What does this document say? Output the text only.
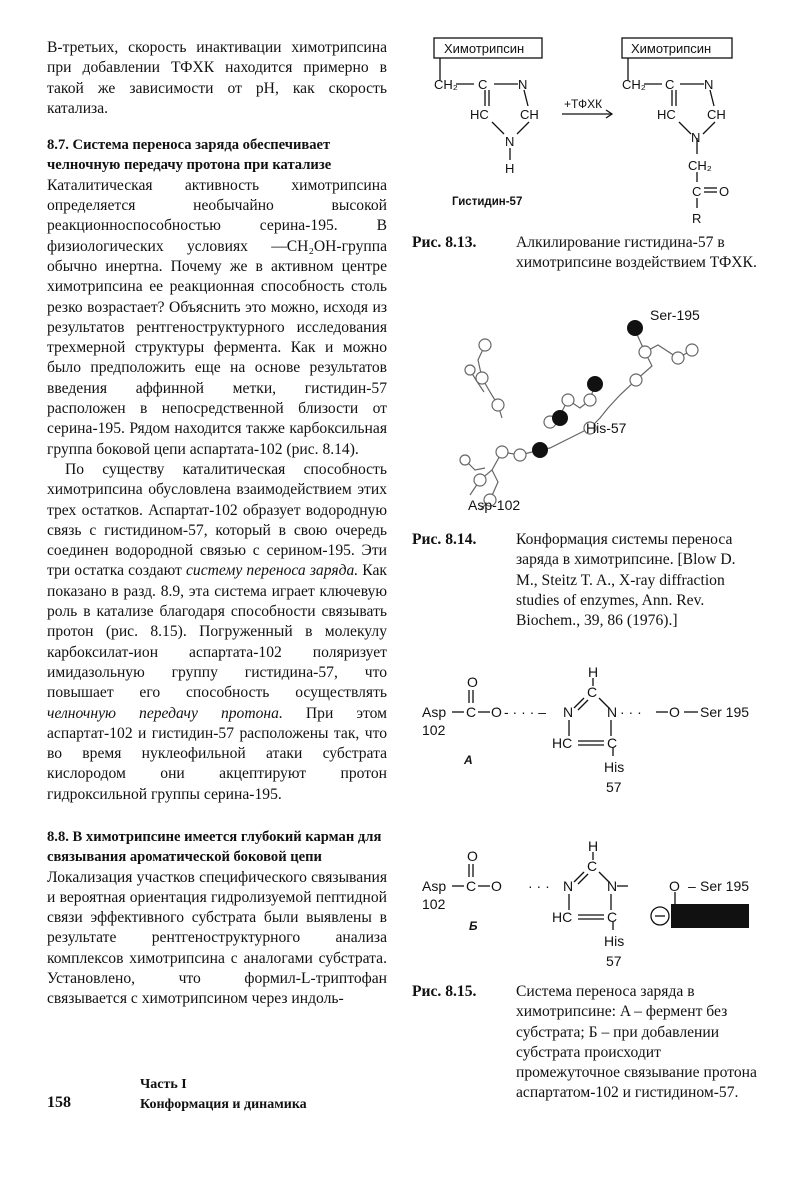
В-третьих, скорость инактивации химотрипсина при добавлении ТФХК находится примерно в такой же зависимости от pH, как скорость катализа.
8.7. Система переноса заряда обеспечивает челночную передачу протона при катализе
Каталитическая активность химотрипсина определяется необычайно высокой реакционноспособностью серина-195. В физиологических условиях —CH₂OH-группа обычно инертна. Почему же в активном центре химотрипсина ее реакционная способность столь резко возрастает? Объяснить это можно, исходя из результатов рентгеноструктурного исследования трехмерной структуры фермента. Как и можно было предположить еще на основе результатов введения аффинной метки, гистидин-57 расположен в непосредственной близости от серина-195. Рядом находится также карбоксильная группа боковой цепи аспартата-102 (рис. 8.14).
По существу каталитическая способность химотрипсина обусловлена взаимодействием этих трех остатков. Аспартат-102 образует водородную связь с гистидином-57, который в свою очередь соединен водородной связью с серином-195. Эти три остатка создают систему переноса заряда. Как показано в разд. 8.9, эта система играет ключевую роль в катализе благодаря способности связывать протон (рис. 8.15). Погруженный в молекулу карбоксилат-ион аспартата-102 поляризует имидазольную группу гистидина-57, что повышает его способность осуществлять челночную передачу протона. При этом аспартат-102 и гистидин-57 расположены так, что во время нуклеофильной атаки субстрата кислородом они акцептируют протон гидроксильной группы серина-195.
8.8. В химотрипсине имеется глубокий карман для связывания ароматической боковой цепи
Локализация участков специфического связывания и вероятная ориентация гидролизуемой пептидной связи эффективного субстрата были выявлены в результате рентгеноструктурного анализа комплексов химотрипсина с аналогами субстрата. Установлено, что формил-L-триптофан связывается с химотрипсином через индоль-
158
Часть I
Конформация и динамика
Химотрипсин	Химотрипсин
CH₂ C N
HC CH
N
H
+ТФХК
Гистидин-57
CH₂ C N
HC CH
N
CH₂
C O
R
Рис. 8.13.	Алкилирование гистидина-57 в химотрипсине воздействием ТФХК.
Ser-195
His-57
Asp-102
Рис. 8.14.	Конформация системы переноса заряда в химотрипсине. [Blow D. M., Steitz T. A., X-ray diffraction studies of enzymes, Ann. Rev. Biochem., 39, 86 (1976).]
O
Asp C O - · · · –
102
H
C
N N · · ·
HC C
O Ser 195
His
57
А
O
Asp C O · · ·
102
H
C
N N
HC C
O – Ser 195
His
57
Б
Рис. 8.15.	Система переноса заряда в химотрипсине: A – фермент без субстрата; Б – при добавлении субстрата происходит промежуточное связывание протона аспартатом-102 и гистидином-57.
